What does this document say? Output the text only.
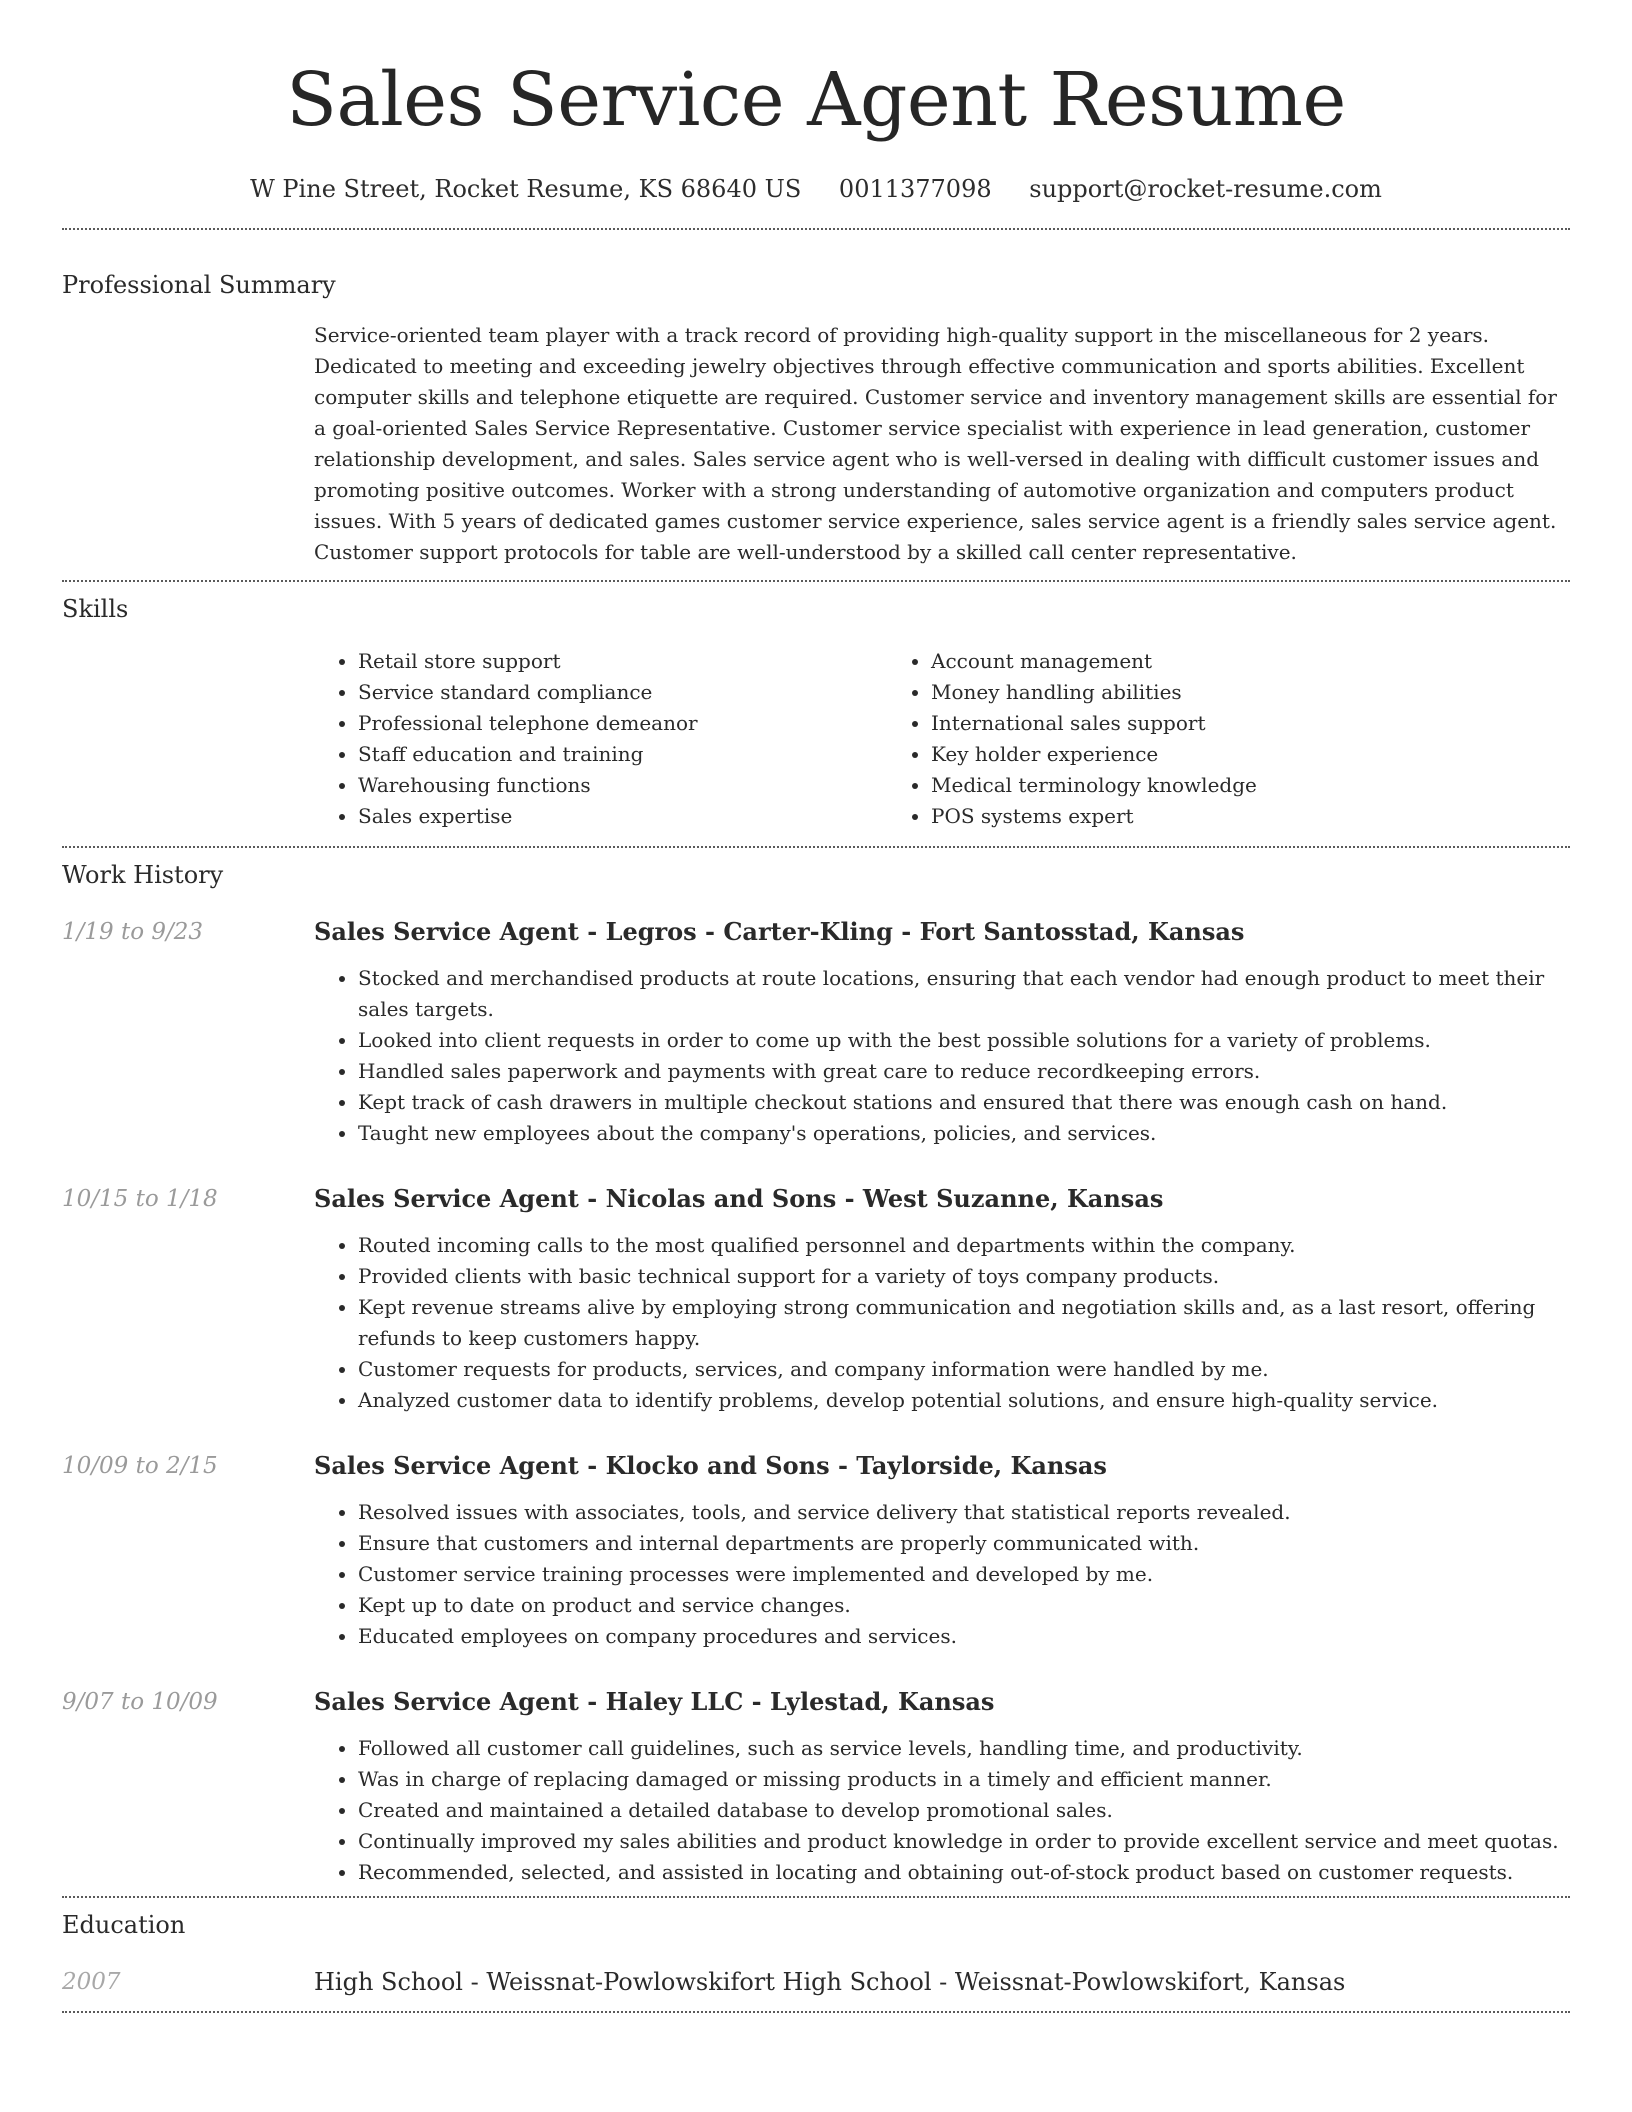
Sales Service Agent Resume
W Pine Street, Rocket Resume, KS 68640 US 0011377098 support@rocket-resume.com
Professional Summary

Service-oriented team player with a track record of providing high-quality support in the miscellaneous for 2 years. Dedicated to meeting and exceeding jewelry objectives through effective communication and sports abilities. Excellent computer skills and telephone etiquette are required. Customer service and inventory management skills are essential for a goal-oriented Sales Service Representative. Customer service specialist with experience in lead generation, customer relationship development, and sales. Sales service agent who is well-versed in dealing with difficult customer issues and promoting positive outcomes. Worker with a strong understanding of automotive organization and computers product issues. With 5 years of dedicated games customer service experience, sales service agent is a friendly sales service agent. Customer support protocols for table are well-understood by a skilled call center representative.

Skills
• Retail store support
• Service standard compliance
• Professional telephone demeanor
• Staff education and training
• Warehousing functions
• Sales expertise
• Account management
• Money handling abilities
• International sales support
• Key holder experience
• Medical terminology knowledge
• POS systems expert
Work History
1/19 to 9/23	Sales Service Agent - Legros - Carter-Kling - Fort Santosstad, Kansas
• Stocked and merchandised products at route locations, ensuring that each vendor had enough product to meet their sales targets.
• Looked into client requests in order to come up with the best possible solutions for a variety of problems.
• Handled sales paperwork and payments with great care to reduce recordkeeping errors.
• Kept track of cash drawers in multiple checkout stations and ensured that there was enough cash on hand.
• Taught new employees about the company's operations, policies, and services.
10/15 to 1/18	Sales Service Agent - Nicolas and Sons - West Suzanne, Kansas
• Routed incoming calls to the most qualified personnel and departments within the company.
• Provided clients with basic technical support for a variety of toys company products.
• Kept revenue streams alive by employing strong communication and negotiation skills and, as a last resort, offering refunds to keep customers happy.
• Customer requests for products, services, and company information were handled by me.
• Analyzed customer data to identify problems, develop potential solutions, and ensure high-quality service.
10/09 to 2/15	Sales Service Agent - Klocko and Sons - Taylorside, Kansas
• Resolved issues with associates, tools, and service delivery that statistical reports revealed.
• Ensure that customers and internal departments are properly communicated with.
• Customer service training processes were implemented and developed by me.
• Kept up to date on product and service changes.
• Educated employees on company procedures and services.
9/07 to 10/09	Sales Service Agent - Haley LLC - Lylestad, Kansas
• Followed all customer call guidelines, such as service levels, handling time, and productivity.
• Was in charge of replacing damaged or missing products in a timely and efficient manner.
• Created and maintained a detailed database to develop promotional sales.
• Continually improved my sales abilities and product knowledge in order to provide excellent service and meet quotas.
• Recommended, selected, and assisted in locating and obtaining out-of-stock product based on customer requests.
Education
2007	High School - Weissnat-Powlowskifort High School - Weissnat-Powlowskifort, Kansas
